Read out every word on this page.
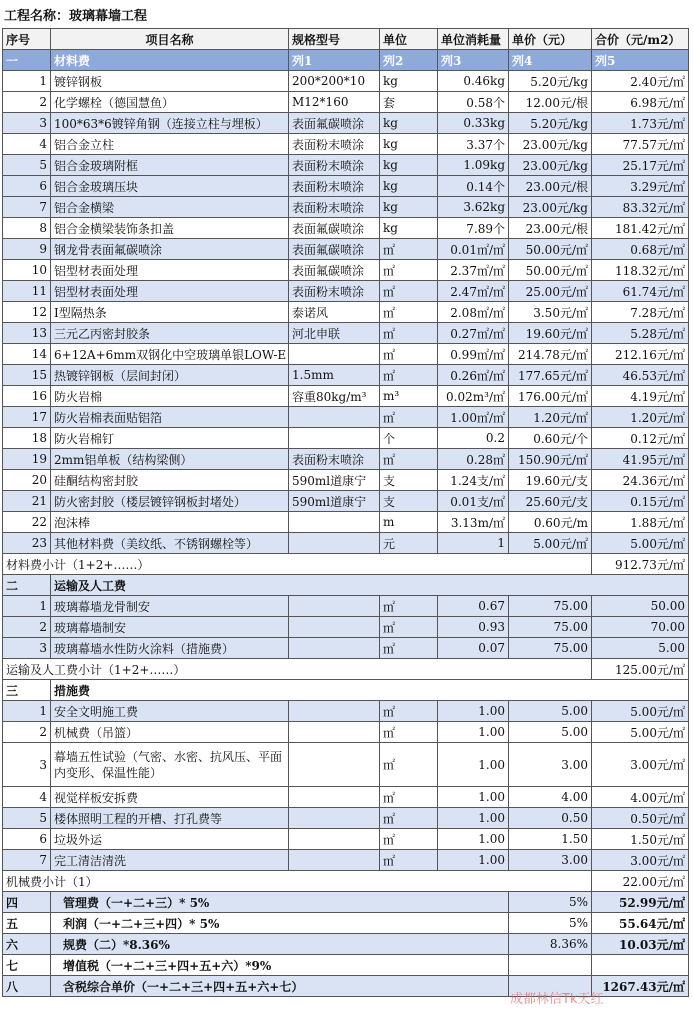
工程名称：玻璃幕墙工程
序号	项目名称	规格型号	单位	单位消耗量	单价（元）	合价（元/m2）
一	材料费	列1	列2	列3	列4	列5
1	镀锌钢板	200*200*10	kg	0.46kg	5.20元/kg	2.40元/㎡
2	化学螺栓（德国慧鱼）	M12*160	套	0.58个	12.00元/根	6.98元/㎡
3	100*63*6镀锌角钢（连接立柱与埋板）	表面氟碳喷涂	kg	0.33kg	5.20元/kg	1.73元/㎡
4	铝合金立柱	表面粉末喷涂	kg	3.37个	23.00元/kg	77.57元/㎡
5	铝合金玻璃附框	表面粉末喷涂	kg	1.09kg	23.00元/kg	25.17元/㎡
6	铝合金玻璃压块	表面粉末喷涂	kg	0.14个	23.00元/根	3.29元/㎡
7	铝合金横梁	表面粉末喷涂	kg	3.62kg	23.00元/kg	83.32元/㎡
8	铝合金横梁装饰条扣盖	表面氟碳喷涂	kg	7.89个	23.00元/根	181.42元/㎡
9	钢龙骨表面氟碳喷涂	表面氟碳喷涂	㎡	0.01㎡/㎡	50.00元/㎡	0.68元/㎡
10	铝型材表面处理	表面氟碳喷涂	㎡	2.37㎡/㎡	50.00元/㎡	118.32元/㎡
11	铝型材表面处理	表面粉末喷涂	㎡	2.47㎡/㎡	25.00元/㎡	61.74元/㎡
12	I型隔热条	泰诺风	㎡	2.08㎡/㎡	3.50元/㎡	7.28元/㎡
13	三元乙丙密封胶条	河北申联	㎡	0.27㎡/㎡	19.60元/㎡	5.28元/㎡
14	6+12A+6mm双钢化中空玻璃单银LOW-E		㎡	0.99㎡/㎡	214.78元/㎡	212.16元/㎡
15	热镀锌钢板（层间封闭）	1.5mm	㎡	0.26㎡/㎡	177.65元/㎡	46.53元/㎡
16	防火岩棉	容重80kg/m³	m³	0.02m³/㎡	176.00元/㎡	4.19元/㎡
17	防火岩棉表面贴铝箔		㎡	1.00㎡/㎡	1.20元/㎡	1.20元/㎡
18	防火岩棉钉		个	0.2	0.60元/个	0.12元/㎡
19	2mm铝单板（结构梁侧）	表面粉末喷涂	㎡	0.28㎡	150.90元/㎡	41.95元/㎡
20	硅酮结构密封胶	590ml道康宁	支	1.24支/㎡	19.60元/支	24.36元/㎡
21	防火密封胶（楼层镀锌钢板封堵处）	590ml道康宁	支	0.01支/㎡	25.60元/支	0.15元/㎡
22	泡沫棒		m	3.13m/㎡	0.60元/m	1.88元/㎡
23	其他材料费（美纹纸、不锈钢螺栓等）		元	1	5.00元/㎡	5.00元/㎡
材料费小计（1+2+……）						912.73元/㎡
二	运输及人工费					
1	玻璃幕墙龙骨制安		㎡	0.67	75.00	50.00
2	玻璃幕墙制安		㎡	0.93	75.00	70.00
3	玻璃幕墙水性防火涂料（措施费）		㎡	0.07	75.00	5.00
运输及人工费小计（1+2+……）						125.00元/㎡
三	措施费					
1	安全文明施工费		㎡	1.00	5.00	5.00元/㎡
2	机械费（吊篮）		㎡	1.00	5.00	5.00元/㎡
3	幕墙五性试验（气密、水密、抗风压、平面内变形、保温性能）		㎡	1.00	3.00	3.00元/㎡
4	视觉样板安拆费		㎡	1.00	4.00	4.00元/㎡
5	楼体照明工程的开槽、打孔费等		㎡	1.00	0.50	0.50元/㎡
6	垃圾外运		㎡	1.00	1.50	1.50元/㎡
7	完工清洁清洗		㎡	1.00	3.00	3.00元/㎡
机械费小计（1）						22.00元/㎡
四	管理费（一+二+三）* 5%				5%	52.99元/㎡
五	利润（一+二+三+四）* 5%				5%	55.64元/㎡
六	规费（二）*8.36%				8.36%	10.03元/㎡
七	增值税（一+二+三+四+五+六）*9%					
八	含税综合单价（一+二+三+四+五+六+七）					1267.43元/㎡
成都林信Tk天红
